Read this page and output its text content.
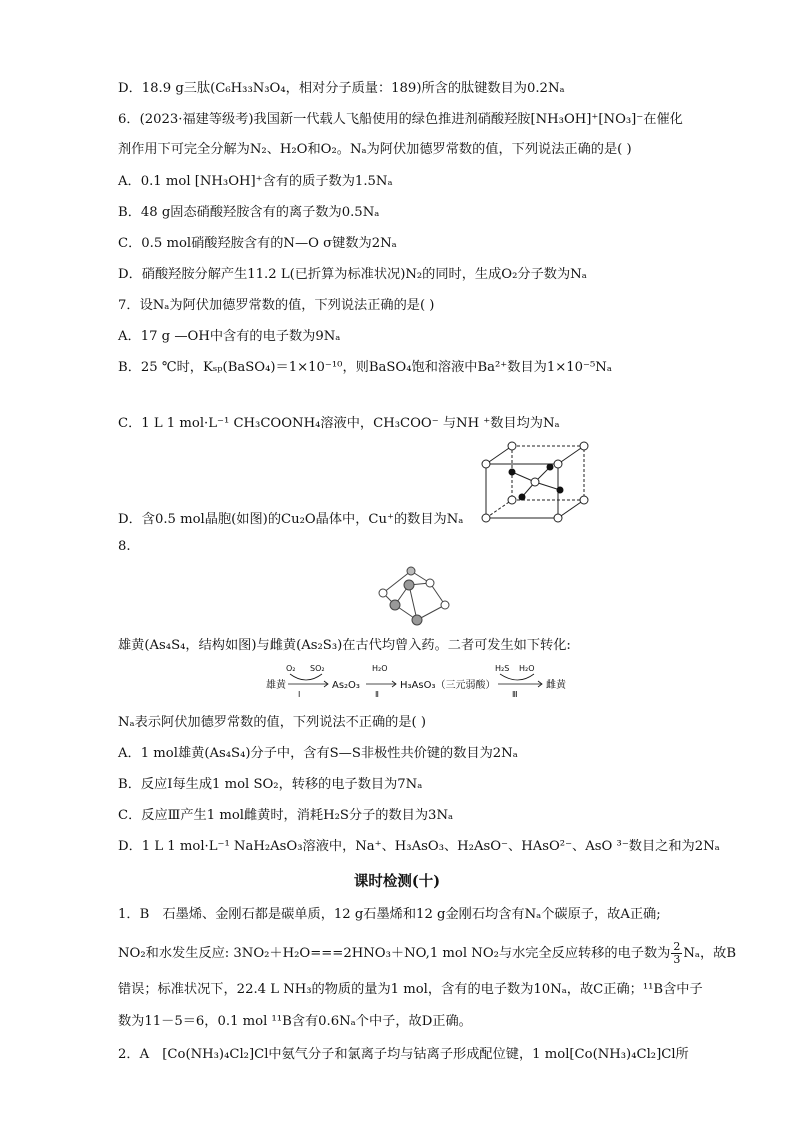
D．18.9 g三肽(C₆H₃₃N₃O₄，相对分子质量：189)所含的肽键数目为0.2Nₐ
6．(2023·福建等级考)我国新一代载人飞船使用的绿色推进剂硝酸羟胺[NH₃OH]⁺[NO₃]⁻在催化
剂作用下可完全分解为N₂、H₂O和O₂。Nₐ为阿伏加德罗常数的值，下列说法正确的是( )
A．0.1 mol [NH₃OH]⁺含有的质子数为1.5Nₐ
B．48 g固态硝酸羟胺含有的离子数为0.5Nₐ
C．0.5 mol硝酸羟胺含有的N—O σ键数为2Nₐ
D．硝酸羟胺分解产生11.2 L(已折算为标准状况)N₂的同时，生成O₂分子数为Nₐ
7．设Nₐ为阿伏加德罗常数的值，下列说法正确的是( )
A．17 g —OH中含有的电子数为9Nₐ
B．25 ℃时，Kₛₚ(BaSO₄)＝1×10⁻¹⁰，则BaSO₄饱和溶液中Ba²⁺数目为1×10⁻⁵Nₐ
C．1 L 1 mol·L⁻¹ CH₃COONH₄溶液中，CH₃COO⁻ 与NH ⁺数目均为Nₐ
D．含0.5 mol晶胞(如图)的Cu₂O晶体中，Cu⁺的数目为Nₐ
8.
雄黄(As₄S₄，结构如图)与雌黄(As₂S₃)在古代均曾入药。二者可发生如下转化:
雄黄
O₂ SO₂
Ⅰ
As₂O₃
H₂O
Ⅱ
H₃AsO₃（三元弱酸）
H₂S H₂O
Ⅲ
雌黄
Nₐ表示阿伏加德罗常数的值，下列说法不正确的是( )
A．1 mol雄黄(As₄S₄)分子中，含有S—S非极性共价键的数目为2Nₐ
B．反应Ⅰ每生成1 mol SO₂，转移的电子数目为7Nₐ
C．反应Ⅲ产生1 mol雌黄时，消耗H₂S分子的数目为3Nₐ
D．1 L 1 mol·L⁻¹ NaH₂AsO₃溶液中，Na⁺、H₃AsO₃、H₂AsO⁻、HAsO²⁻、AsO ³⁻数目之和为2Nₐ
课时检测(十)
1．B　石墨烯、金刚石都是碳单质，12 g石墨烯和12 g金刚石均含有Nₐ个碳原子，故A正确;
NO₂和水发生反应: 3NO₂＋H₂O===2HNO₃＋NO,1 mol NO₂与水完全反应转移的电子数为 $\frac{2}{3}$ Nₐ，故B
错误；标准状况下，22.4 L NH₃的物质的量为1 mol，含有的电子数为10Nₐ，故C正确；¹¹B含中子
数为11－5＝6，0.1 mol ¹¹B含有0.6Nₐ个中子，故D正确。
2．A　[Co(NH₃)₄Cl₂]Cl中氨气分子和氯离子均与钴离子形成配位键，1 mol[Co(NH₃)₄Cl₂]Cl所
